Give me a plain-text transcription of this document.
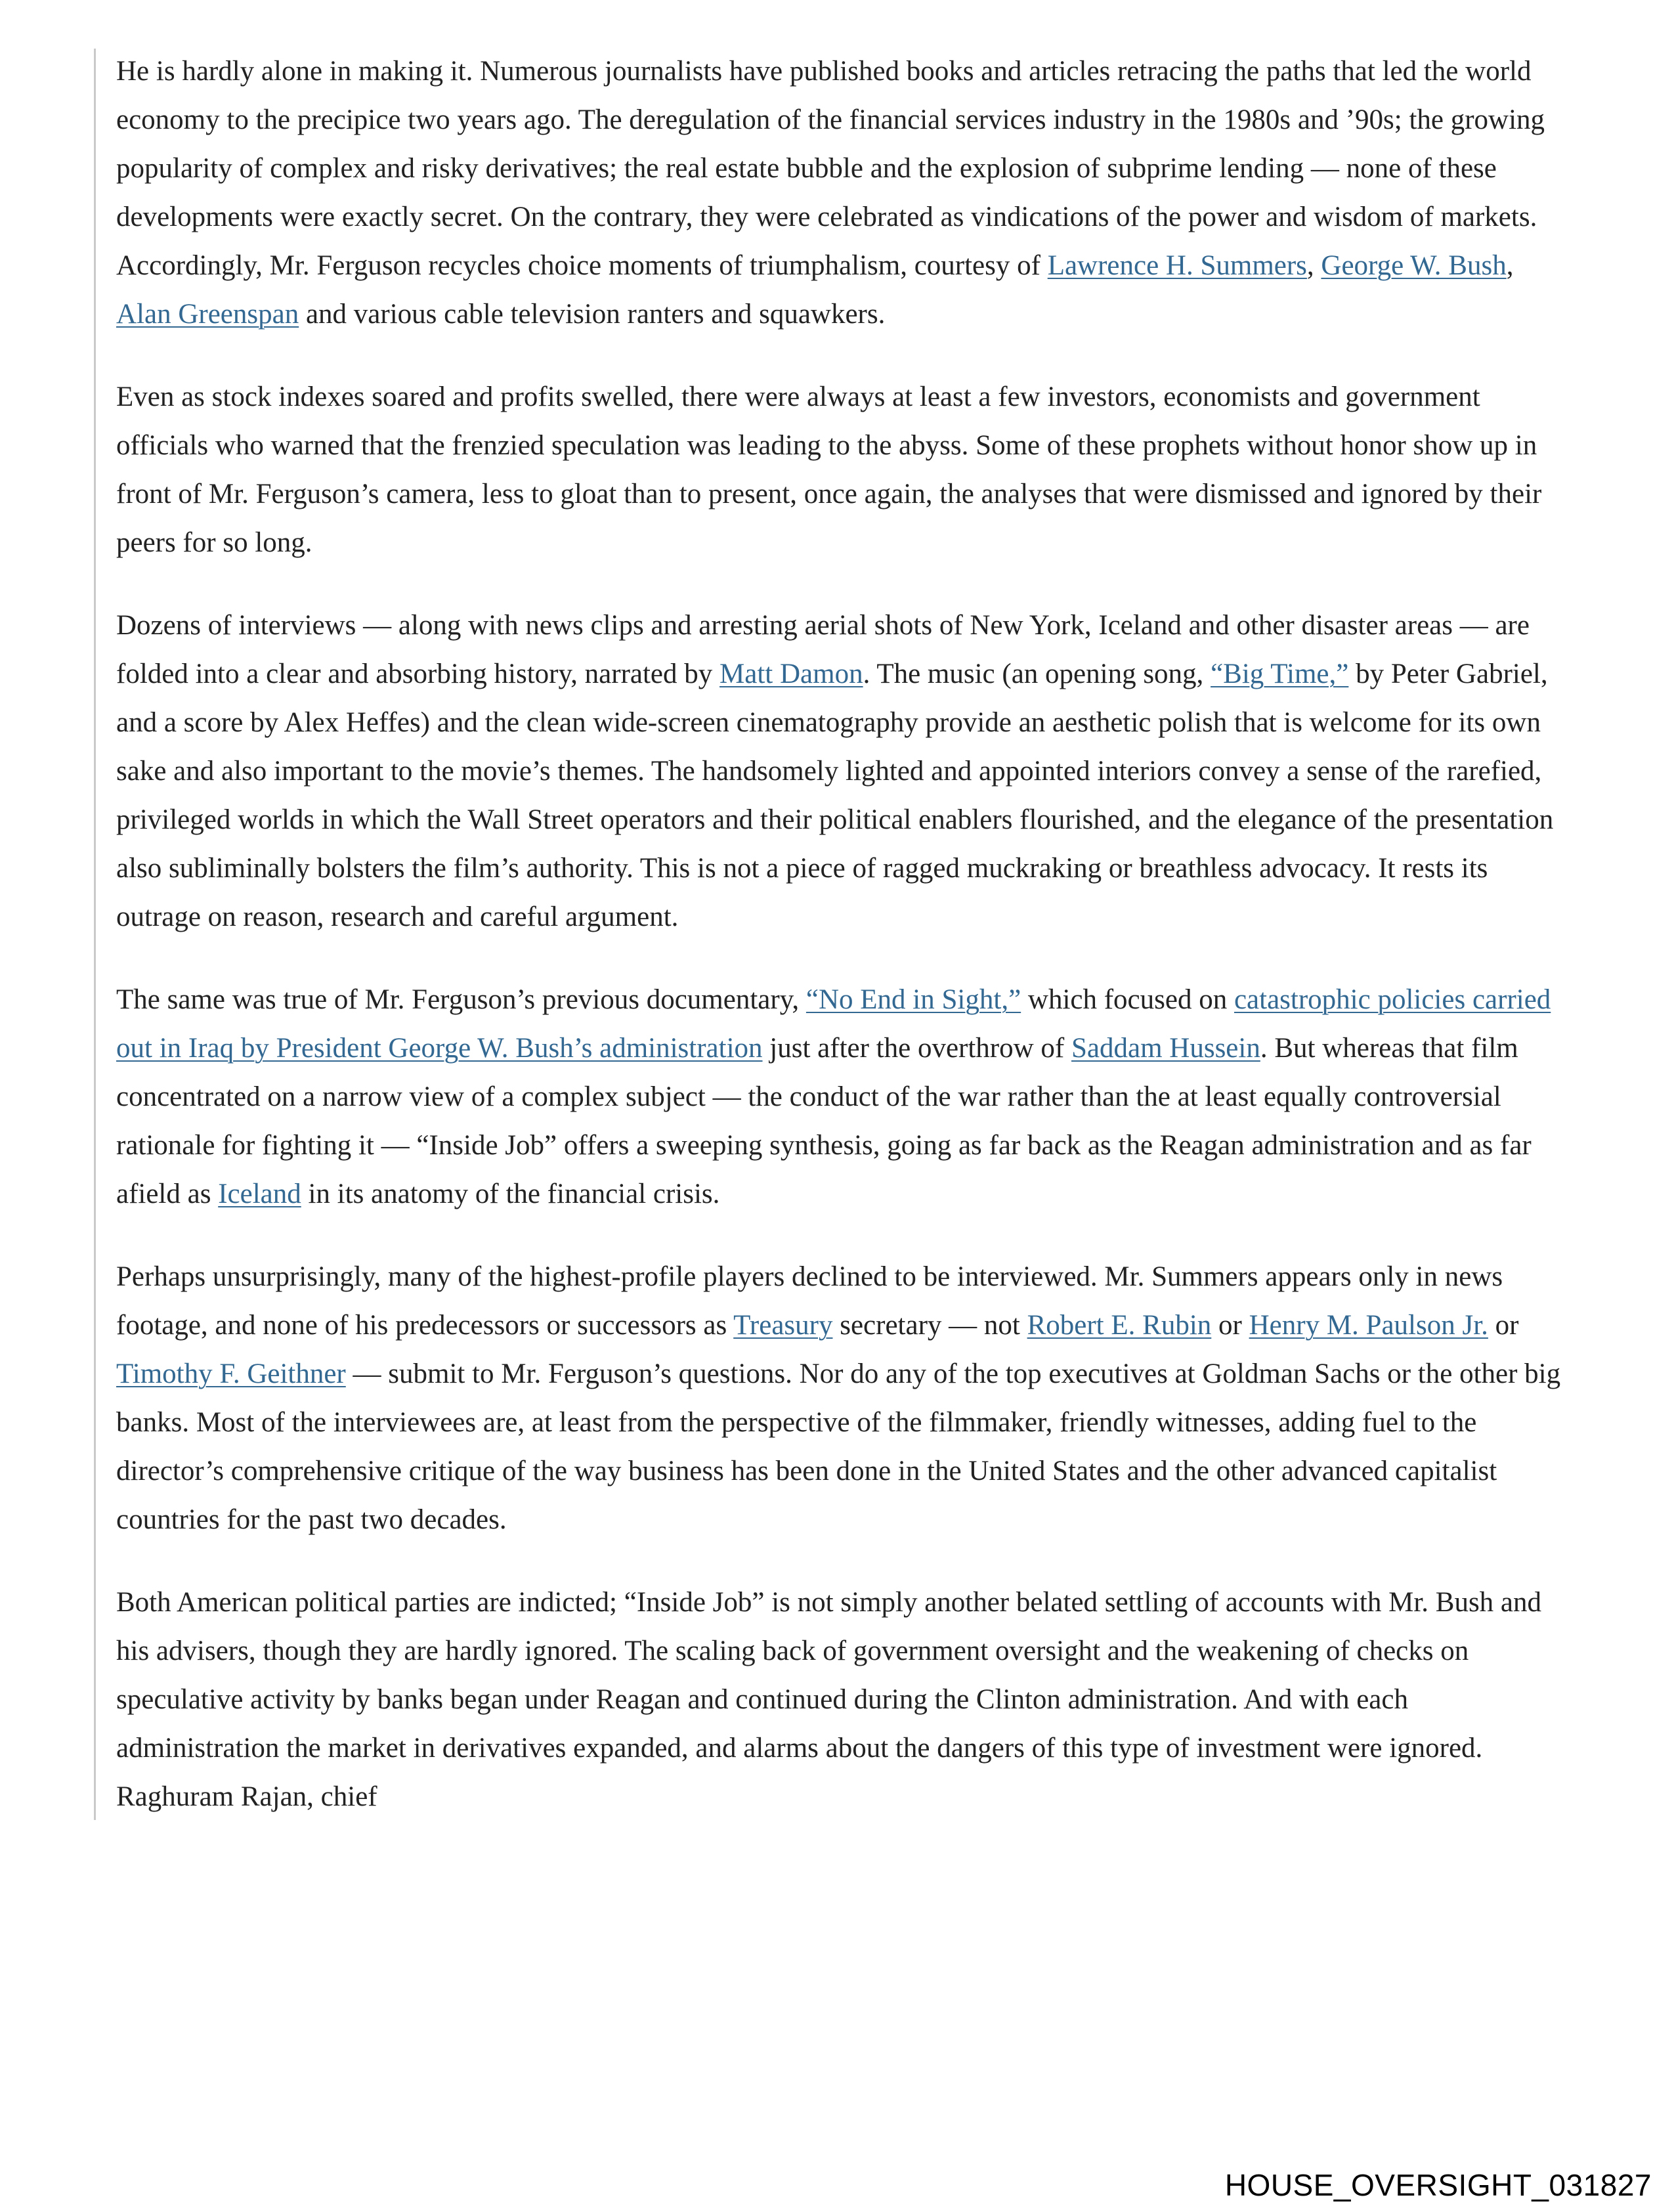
He is hardly alone in making it. Numerous journalists have published books and articles retracing the paths that led the world economy to the precipice two years ago. The deregulation of the financial services industry in the 1980s and ’90s; the growing popularity of complex and risky derivatives; the real estate bubble and the explosion of subprime lending — none of these developments were exactly secret. On the contrary, they were celebrated as vindications of the power and wisdom of markets. Accordingly, Mr. Ferguson recycles choice moments of triumphalism, courtesy of Lawrence H. Summers, George W. Bush, Alan Greenspan and various cable television ranters and squawkers.

Even as stock indexes soared and profits swelled, there were always at least a few investors, economists and government officials who warned that the frenzied speculation was leading to the abyss. Some of these prophets without honor show up in front of Mr. Ferguson’s camera, less to gloat than to present, once again, the analyses that were dismissed and ignored by their peers for so long.

Dozens of interviews — along with news clips and arresting aerial shots of New York, Iceland and other disaster areas — are folded into a clear and absorbing history, narrated by Matt Damon. The music (an opening song, “Big Time,” by Peter Gabriel, and a score by Alex Heffes) and the clean wide-screen cinematography provide an aesthetic polish that is welcome for its own sake and also important to the movie’s themes. The handsomely lighted and appointed interiors convey a sense of the rarefied, privileged worlds in which the Wall Street operators and their political enablers flourished, and the elegance of the presentation also subliminally bolsters the film’s authority. This is not a piece of ragged muckraking or breathless advocacy. It rests its outrage on reason, research and careful argument.

The same was true of Mr. Ferguson’s previous documentary, “No End in Sight,” which focused on catastrophic policies carried out in Iraq by President George W. Bush’s administration just after the overthrow of Saddam Hussein. But whereas that film concentrated on a narrow view of a complex subject — the conduct of the war rather than the at least equally controversial rationale for fighting it — “Inside Job” offers a sweeping synthesis, going as far back as the Reagan administration and as far afield as Iceland in its anatomy of the financial crisis.

Perhaps unsurprisingly, many of the highest-profile players declined to be interviewed. Mr. Summers appears only in news footage, and none of his predecessors or successors as Treasury secretary — not Robert E. Rubin or Henry M. Paulson Jr. or Timothy F. Geithner — submit to Mr. Ferguson’s questions. Nor do any of the top executives at Goldman Sachs or the other big banks. Most of the interviewees are, at least from the perspective of the filmmaker, friendly witnesses, adding fuel to the director’s comprehensive critique of the way business has been done in the United States and the other advanced capitalist countries for the past two decades.

Both American political parties are indicted; “Inside Job” is not simply another belated settling of accounts with Mr. Bush and his advisers, though they are hardly ignored. The scaling back of government oversight and the weakening of checks on speculative activity by banks began under Reagan and continued during the Clinton administration. And with each administration the market in derivatives expanded, and alarms about the dangers of this type of investment were ignored. Raghuram Rajan, chief

HOUSE_OVERSIGHT_031827
